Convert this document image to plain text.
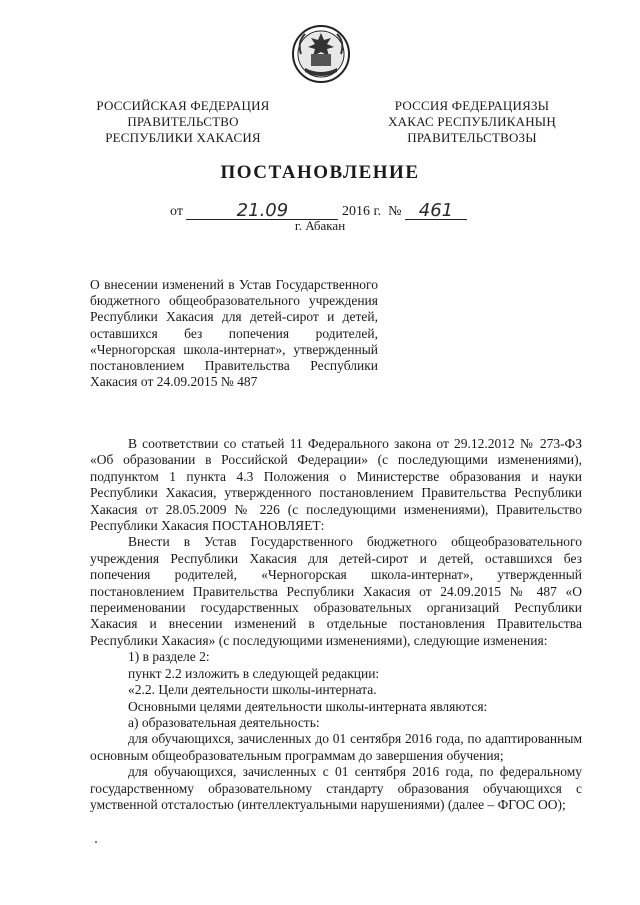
РОССИЙСКАЯ ФЕДЕРАЦИЯ
ПРАВИТЕЛЬСТВО
РЕСПУБЛИКИ ХАКАСИЯ
РОССИЯ ФЕДЕРАЦИЯЗЫ
ХАКАС РЕСПУБЛИКАНЫҢ
ПРАВИТЕЛЬСТВОЗЫ
ПОСТАНОВЛЕНИЕ
от	21.09	2016 г. № 461
г. Абакан
О внесении изменений в Устав Государственного бюджетного общеобразовательного учреждения Республики Хакасия для детей-сирот и детей, оставшихся без попечения родителей, «Черногорская школа-интернат», утвержденный постановлением Правительства Республики Хакасия от 24.09.2015 № 487

В соответствии со статьей 11 Федерального закона от 29.12.2012 № 273-ФЗ «Об образовании в Российской Федерации» (с последующими изменениями), подпунктом 1 пункта 4.3 Положения о Министерстве образования и науки Республики Хакасия, утвержденного постановлением Правительства Республики Хакасия от 28.05.2009 № 226 (с последующими изменениями), Правительство Республики Хакасия ПОСТАНОВЛЯЕТ:

Внести в Устав Государственного бюджетного общеобразовательного учреждения Республики Хакасия для детей-сирот и детей, оставшихся без попечения родителей, «Черногорская школа-интернат», утвержденный постановлением Правительства Республики Хакасия от 24.09.2015 № 487 «О переименовании государственных образовательных организаций Республики Хакасия и внесении изменений в отдельные постановления Правительства Республики Хакасия» (с последующими изменениями), следующие изменения:

1) в разделе 2:

пункт 2.2 изложить в следующей редакции:

«2.2. Цели деятельности школы-интерната.

Основными целями деятельности школы-интерната являются:

а) образовательная деятельность:

для обучающихся, зачисленных до 01 сентября 2016 года, по адаптированным основным общеобразовательным программам до завершения обучения;

для обучающихся, зачисленных с 01 сентября 2016 года, по федеральному государственному образовательному стандарту образования обучающихся с умственной отсталостью (интеллектуальными нарушениями) (далее – ФГОС ОО);
